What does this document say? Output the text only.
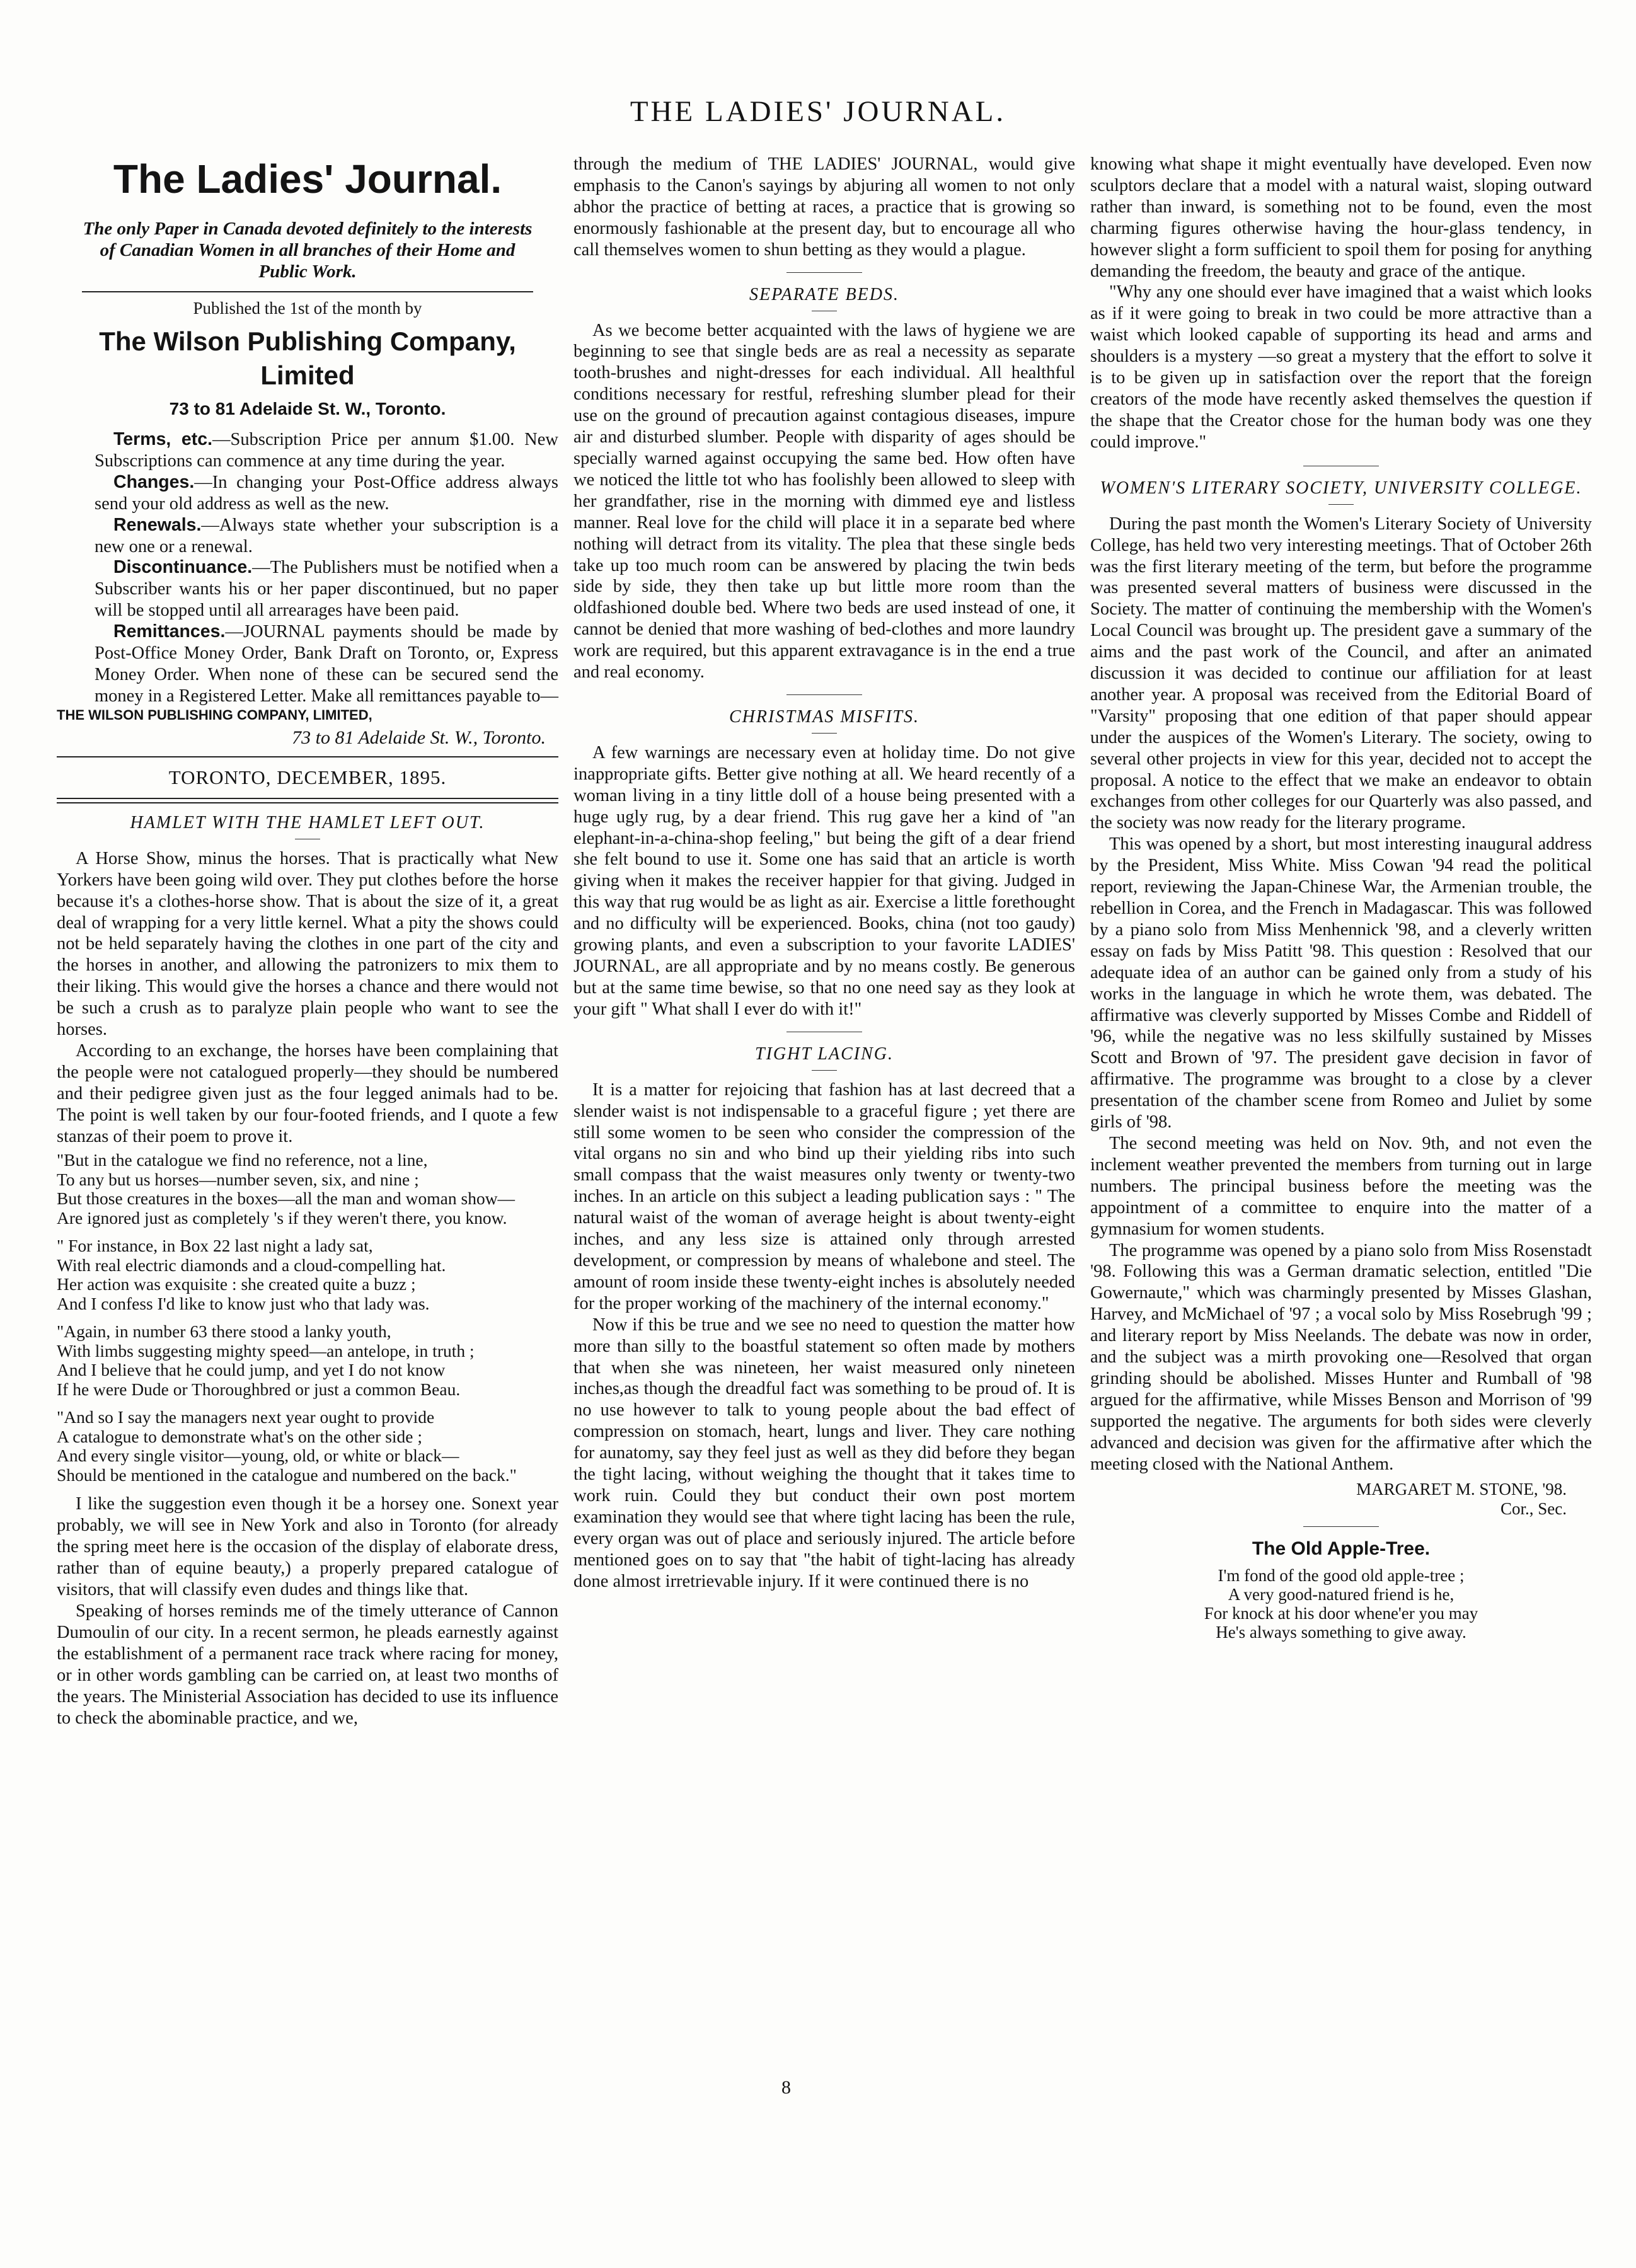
THE LADIES' JOURNAL.
The Ladies' Journal.
The only Paper in Canada devoted definitely to the interests of Canadian Women in all branches of their Home and Public Work.
Published the 1st of the month by
The Wilson Publishing Company, Limited
73 to 81 Adelaide St. W., Toronto.

Terms, etc.—Subscription Price per annum $1.00. New Subscriptions can commence at any time during the year.

Changes.—In changing your Post-Office address always send your old address as well as the new.

Renewals.—Always state whether your subscription is a new one or a renewal.

Discontinuance.—The Publishers must be notified when a Subscriber wants his or her paper discontinued, but no paper will be stopped until all arrearages have been paid.

Remittances.—JOURNAL payments should be made by Post-Office Money Order, Bank Draft on Toronto, or, Express Money Order. When none of these can be secured send the money in a Registered Letter. Make all remittances payable to—

THE WILSON PUBLISHING COMPANY, LIMITED,
73 to 81 Adelaide St. W., Toronto.
TORONTO, DECEMBER, 1895.
HAMLET WITH THE HAMLET LEFT OUT.

A Horse Show, minus the horses. That is practically what New Yorkers have been going wild over. They put clothes before the horse because it's a clothes-horse show. That is about the size of it, a great deal of wrapping for a very little kernel. What a pity the shows could not be held separately having the clothes in one part of the city and the horses in another, and allowing the patronizers to mix them to their liking. This would give the horses a chance and there would not be such a crush as to paralyze plain people who want to see the horses.

According to an exchange, the horses have been complaining that the people were not catalogued properly—they should be numbered and their pedigree given just as the four legged animals had to be. The point is well taken by our four-footed friends, and I quote a few stanzas of their poem to prove it.

"But in the catalogue we find no reference, not a line,

To any but us horses—number seven, six, and nine ;

But those creatures in the boxes—all the man and woman show—

Are ignored just as completely 's if they weren't there, you know.

" For instance, in Box 22 last night a lady sat,

With real electric diamonds and a cloud-compelling hat.

Her action was exquisite : she created quite a buzz ;

And I confess I'd like to know just who that lady was.

"Again, in number 63 there stood a lanky youth,

With limbs suggesting mighty speed—an antelope, in truth ;

And I believe that he could jump, and yet I do not know

If he were Dude or Thoroughbred or just a common Beau.

"And so I say the managers next year ought to provide

A catalogue to demonstrate what's on the other side ;

And every single visitor—young, old, or white or black—

Should be mentioned in the catalogue and numbered on the back."

I like the suggestion even though it be a horsey one. Sonext year probably, we will see in New York and also in Toronto (for already the spring meet here is the occasion of the display of elaborate dress, rather than of equine beauty,) a properly prepared catalogue of visitors, that will classify even dudes and things like that.

Speaking of horses reminds me of the timely utterance of Cannon Dumoulin of our city. In a recent sermon, he pleads earnestly against the establishment of a permanent race track where racing for money, or in other words gambling can be carried on, at least two months of the years. The Ministerial Association has decided to use its influence to check the abominable practice, and we,

through the medium of THE LADIES' JOURNAL, would give emphasis to the Canon's sayings by abjuring all women to not only abhor the practice of betting at races, a practice that is growing so enormously fashionable at the present day, but to encourage all who call themselves women to shun betting as they would a plague.

SEPARATE BEDS.

As we become better acquainted with the laws of hygiene we are beginning to see that single beds are as real a necessity as separate tooth-brushes and night-dresses for each individual. All healthful conditions necessary for restful, refreshing slumber plead for their use on the ground of precaution against contagious diseases, impure air and disturbed slumber. People with disparity of ages should be specially warned against occupying the same bed. How often have we noticed the little tot who has foolishly been allowed to sleep with her grandfather, rise in the morning with dimmed eye and listless manner. Real love for the child will place it in a separate bed where nothing will detract from its vitality. The plea that these single beds take up too much room can be answered by placing the twin beds side by side, they then take up but little more room than the oldfashioned double bed. Where two beds are used instead of one, it cannot be denied that more washing of bed-clothes and more laundry work are required, but this apparent extravagance is in the end a true and real economy.

CHRISTMAS MISFITS.

A few warnings are necessary even at holiday time. Do not give inappropriate gifts. Better give nothing at all. We heard recently of a woman living in a tiny little doll of a house being presented with a huge ugly rug, by a dear friend. This rug gave her a kind of "an elephant-in-a-china-shop feeling," but being the gift of a dear friend she felt bound to use it. Some one has said that an article is worth giving when it makes the receiver happier for that giving. Judged in this way that rug would be as light as air. Exercise a little forethought and no difficulty will be experienced. Books, china (not too gaudy) growing plants, and even a subscription to your favorite LADIES' JOURNAL, are all appropriate and by no means costly. Be generous but at the same time bewise, so that no one need say as they look at your gift " What shall I ever do with it!"

TIGHT LACING.

It is a matter for rejoicing that fashion has at last decreed that a slender waist is not indispensable to a graceful figure ; yet there are still some women to be seen who consider the compression of the vital organs no sin and who bind up their yielding ribs into such small compass that the waist measures only twenty or twenty-two inches. In an article on this subject a leading publication says : " The natural waist of the woman of average height is about twenty-eight inches, and any less size is attained only through arrested development, or compression by means of whalebone and steel. The amount of room inside these twenty-eight inches is absolutely needed for the proper working of the machinery of the internal economy."

Now if this be true and we see no need to question the matter how more than silly to the boastful statement so often made by mothers that when she was nineteen, her waist measured only nineteen inches,as though the dreadful fact was something to be proud of. It is no use however to talk to young people about the bad effect of compression on stomach, heart, lungs and liver. They care nothing for aunatomy, say they feel just as well as they did before they began the tight lacing, without weighing the thought that it takes time to work ruin. Could they but conduct their own post mortem examination they would see that where tight lacing has been the rule, every organ was out of place and seriously injured. The article before mentioned goes on to say that "the habit of tight-lacing has already done almost irretrievable injury. If it were continued there is no

knowing what shape it might eventually have developed. Even now sculptors declare that a model with a natural waist, sloping outward rather than inward, is something not to be found, even the most charming figures otherwise having the hour-glass tendency, in however slight a form sufficient to spoil them for posing for anything demanding the freedom, the beauty and grace of the antique.

"Why any one should ever have imagined that a waist which looks as if it were going to break in two could be more attractive than a waist which looked capable of supporting its head and arms and shoulders is a mystery —so great a mystery that the effort to solve it is to be given up in satisfaction over the report that the foreign creators of the mode have recently asked themselves the question if the shape that the Creator chose for the human body was one they could improve."

WOMEN'S LITERARY SOCIETY, UNIVERSITY COLLEGE.

During the past month the Women's Literary Society of University College, has held two very interesting meetings. That of October 26th was the first literary meeting of the term, but before the programme was presented several matters of business were discussed in the Society. The matter of continuing the membership with the Women's Local Council was brought up. The president gave a summary of the aims and the past work of the Council, and after an animated discussion it was decided to continue our affiliation for at least another year. A proposal was received from the Editorial Board of "Varsity" proposing that one edition of that paper should appear under the auspices of the Women's Literary. The society, owing to several other projects in view for this year, decided not to accept the proposal. A notice to the effect that we make an endeavor to obtain exchanges from other colleges for our Quarterly was also passed, and the society was now ready for the literary programe.

This was opened by a short, but most interesting inaugural address by the President, Miss White. Miss Cowan '94 read the political report, reviewing the Japan-Chinese War, the Armenian trouble, the rebellion in Corea, and the French in Madagascar. This was followed by a piano solo from Miss Menhennick '98, and a cleverly written essay on fads by Miss Patitt '98. This question : Resolved that our adequate idea of an author can be gained only from a study of his works in the language in which he wrote them, was debated. The affirmative was cleverly supported by Misses Combe and Riddell of '96, while the negative was no less skilfully sustained by Misses Scott and Brown of '97. The president gave decision in favor of affirmative. The programme was brought to a close by a clever presentation of the chamber scene from Romeo and Juliet by some girls of '98.

The second meeting was held on Nov. 9th, and not even the inclement weather prevented the members from turning out in large numbers. The principal business before the meeting was the appointment of a committee to enquire into the matter of a gymnasium for women students.

The programme was opened by a piano solo from Miss Rosenstadt '98. Following this was a German dramatic selection, entitled "Die Gowernaute," which was charmingly presented by Misses Glashan, Harvey, and McMichael of '97 ; a vocal solo by Miss Rosebrugh '99 ; and literary report by Miss Neelands. The debate was now in order, and the subject was a mirth provoking one—Resolved that organ grinding should be abolished. Misses Hunter and Rumball of '98 argued for the affirmative, while Misses Benson and Morrison of '99 supported the negative. The arguments for both sides were cleverly advanced and decision was given for the affirmative after which the meeting closed with the National Anthem.

MARGARET M. STONE, '98.
Cor., Sec.
The Old Apple-Tree.

I'm fond of the good old apple-tree ;

A very good-natured friend is he,

For knock at his door whene'er you may

He's always something to give away.

8
